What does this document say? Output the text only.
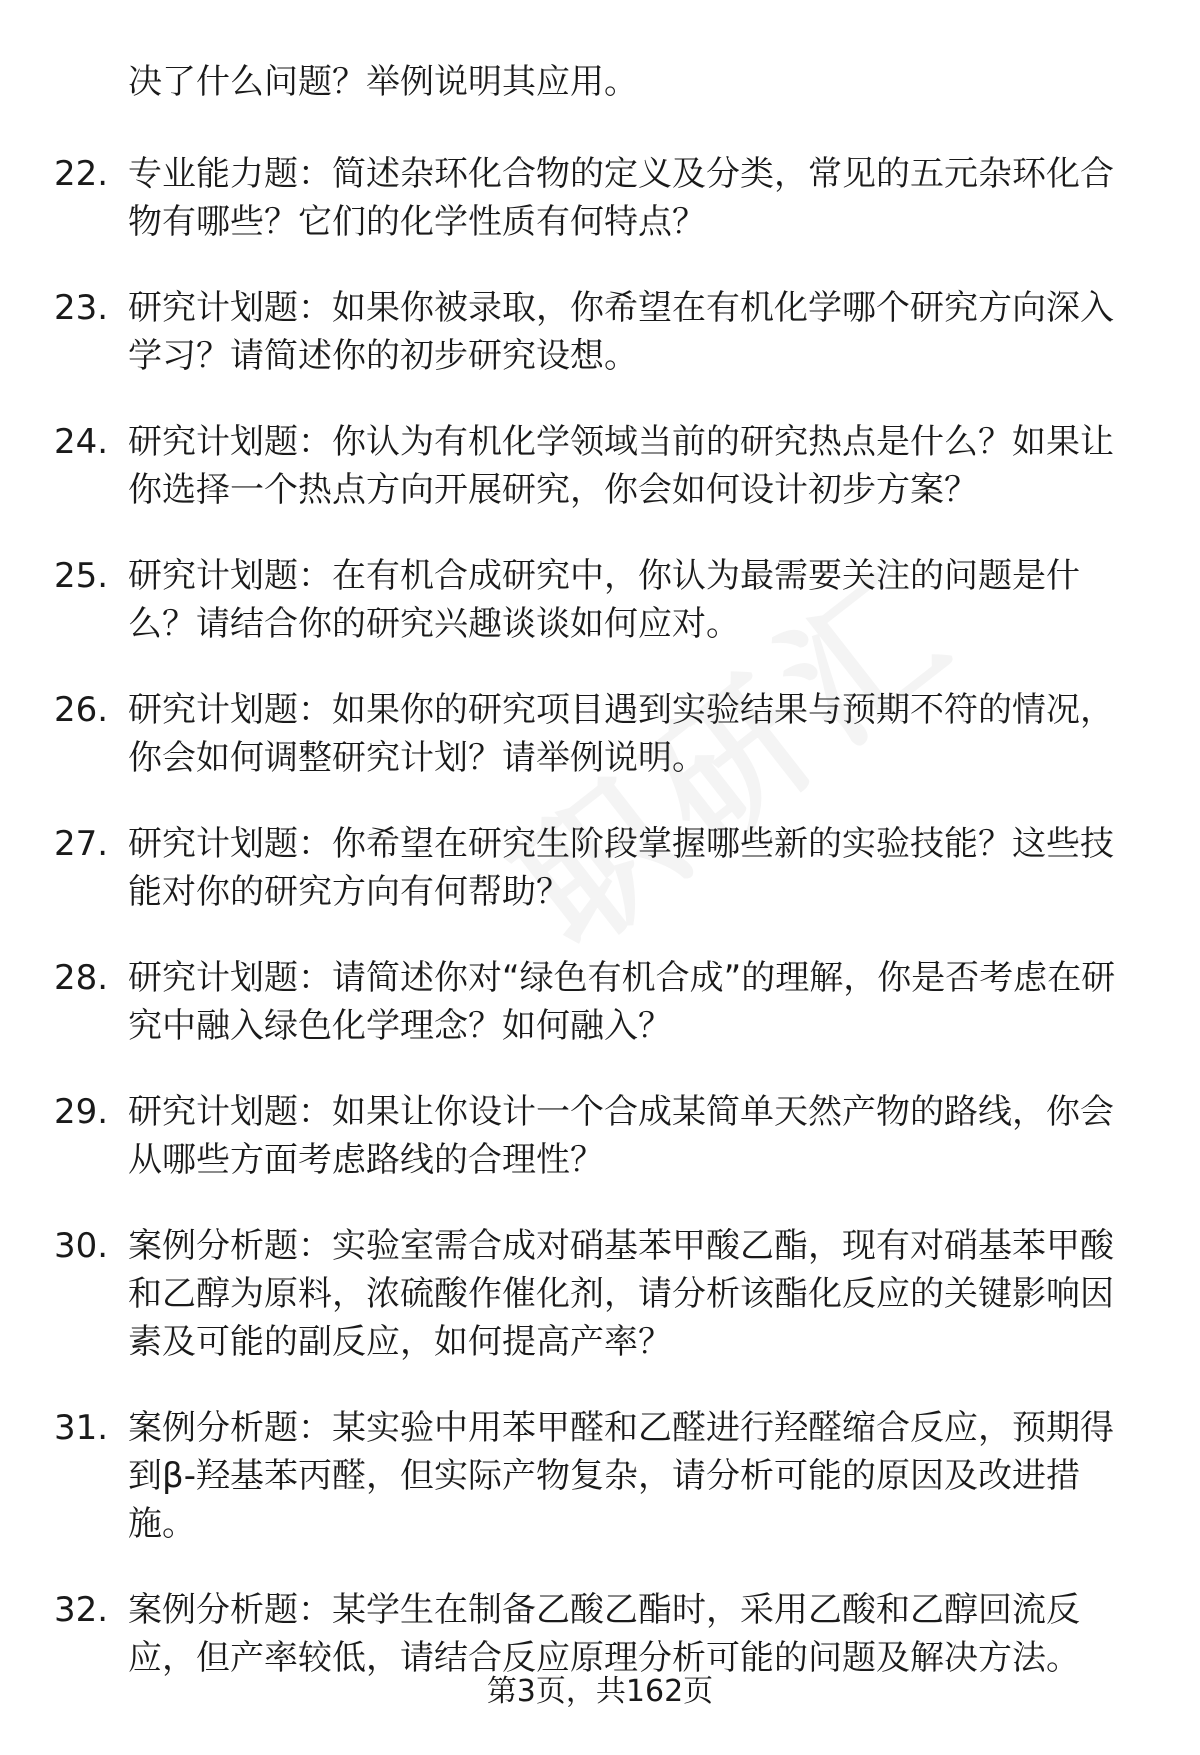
决了什么问题？举例说明其应用。
22. 专业能力题：简述杂环化合物的定义及分类，常见的五元杂环化合物有哪些？它们的化学性质有何特点？
23. 研究计划题：如果你被录取，你希望在有机化学哪个研究方向深入学习？请简述你的初步研究设想。
24. 研究计划题：你认为有机化学领域当前的研究热点是什么？如果让你选择一个热点方向开展研究，你会如何设计初步方案？
25. 研究计划题：在有机合成研究中，你认为最需要关注的问题是什么？请结合你的研究兴趣谈谈如何应对。
26. 研究计划题：如果你的研究项目遇到实验结果与预期不符的情况，你会如何调整研究计划？请举例说明。
27. 研究计划题：你希望在研究生阶段掌握哪些新的实验技能？这些技能对你的研究方向有何帮助？
28. 研究计划题：请简述你对“绿色有机合成”的理解，你是否考虑在研究中融入绿色化学理念？如何融入？
29. 研究计划题：如果让你设计一个合成某简单天然产物的路线，你会从哪些方面考虑路线的合理性？
30. 案例分析题：实验室需合成对硝基苯甲酸乙酯，现有对硝基苯甲酸和乙醇为原料，浓硫酸作催化剂，请分析该酯化反应的关键影响因素及可能的副反应，如何提高产率？
31. 案例分析题：某实验中用苯甲醛和乙醛进行羟醛缩合反应，预期得到β-羟基苯丙醛，但实际产物复杂，请分析可能的原因及改进措施。
32. 案例分析题：某学生在制备乙酸乙酯时，采用乙酸和乙醇回流反应，但产率较低，请结合反应原理分析可能的问题及解决方法。
第3页，共162页
